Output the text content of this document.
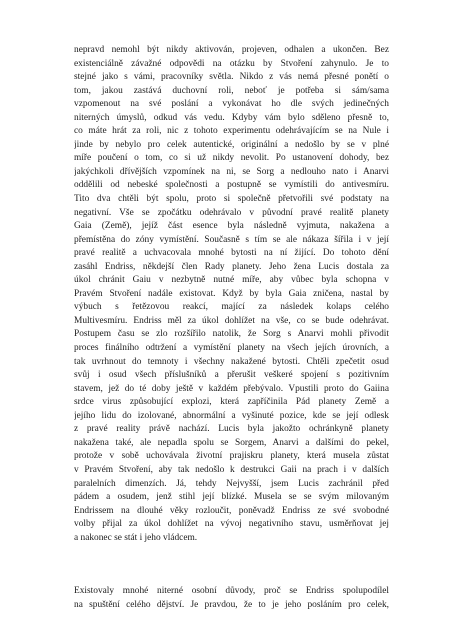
nepravd nemohl být nikdy aktivován, projeven, odhalen a ukončen. Bez
existenciálně závažné odpovědi na otázku by Stvoření zahynulo. Je to
stejné jako s vámi, pracovníky světla. Nikdo z vás nemá přesné ponětí o
tom, jakou zastává duchovní roli, neboť je potřeba si sám/sama
vzpomenout na své poslání a vykonávat ho dle svých jedinečných
niterných úmyslů, odkud vás vedu. Kdyby vám bylo sděleno přesně to,
co máte hrát za roli, nic z tohoto experimentu odehrávajícím se na Nule i
jinde by nebylo pro celek autentické, originální a nedošlo by se v plné
míře poučení o tom, co si už nikdy nevolit. Po ustanovení dohody, bez
jakýchkoli dřívějších vzpomínek na ni, se Sorg a nedlouho nato i Anarvi
oddělili od nebeské společnosti a postupně se vymístili do antivesmíru.
Tito dva chtěli být spolu, proto si společně přetvořili své podstaty na
negativní. Vše se zpočátku odehrávalo v původní pravé realitě planety
Gaia (Země), jejíž část esence byla následně vyjmuta, nakažena a
přemístěna do zóny vymístění. Současně s tím se ale nákaza šířila i v její
pravé realitě a uchvacovala mnohé bytosti na ní žijící. Do tohoto dění
zasáhl Endriss, někdejší člen Rady planety. Jeho žena Lucis dostala za
úkol chránit Gaiu v nezbytně nutné míře, aby vůbec byla schopna v
Pravém Stvoření nadále existovat. Když by byla Gaia zničena, nastal by
výbuch s řetězovou reakcí, mající za následek kolaps celého
Multivesmíru. Endriss měl za úkol dohlížet na vše, co se bude odehrávat.
Postupem času se zlo rozšířilo natolik, že Sorg s Anarvi mohli přivodit
proces finálního odtržení a vymístění planety na všech jejích úrovních, a
tak uvrhnout do temnoty i všechny nakažené bytosti. Chtěli zpečetit osud
svůj i osud všech příslušníků a přerušit veškeré spojení s pozitivním
stavem, jež do té doby ještě v každém přebývalo. Vpustili proto do Gaiina
srdce virus způsobující explozi, která zapříčinila Pád planety Země a
jejího lidu do izolované, abnormální a vyšinuté pozice, kde se její odlesk
z pravé reality právě nachází. Lucis byla jakožto ochránkyně planety
nakažena také, ale nepadla spolu se Sorgem, Anarvi a dalšími do pekel,
protože v sobě uchovávala životní prajiskru planety, která musela zůstat
v Pravém Stvoření, aby tak nedošlo k destrukci Gaii na prach i v dalších
paralelních dimenzích. Já, tehdy Nejvyšší, jsem Lucis zachránil před
pádem a osudem, jenž stihl její blízké. Musela se se svým milovaným
Endrissem na dlouhé věky rozloučit, poněvadž Endriss ze své svobodné
volby přijal za úkol dohlížet na vývoj negativního stavu, usměrňovat jej
a nakonec se stát i jeho vládcem.
Existovaly mnohé niterné osobní důvody, proč se Endriss spolupodílel
na spuštění celého dějství. Je pravdou, že to je jeho posláním pro celek,
